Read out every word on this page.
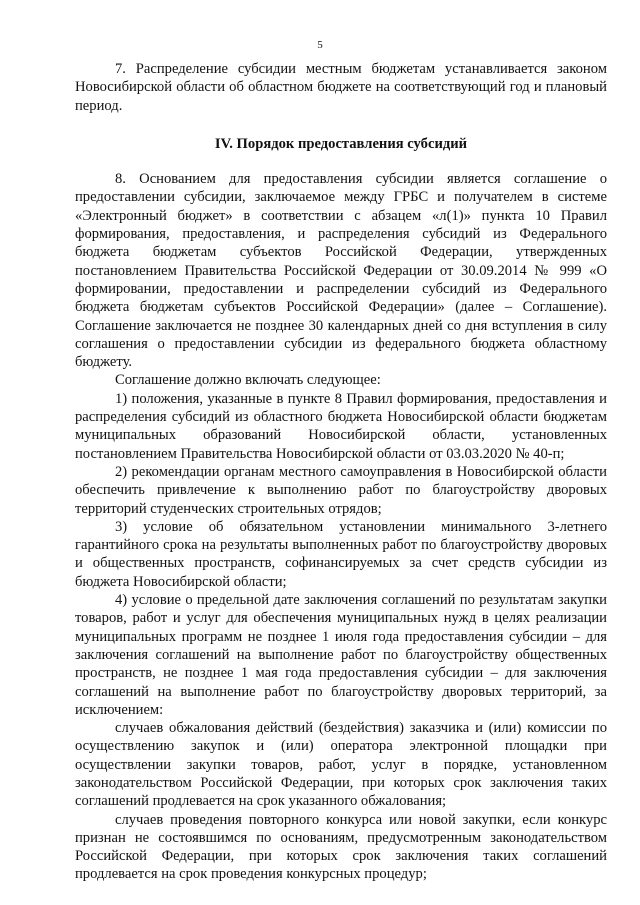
5

7. Распределение субсидии местным бюджетам устанавливается законом Новосибирской области об областном бюджете на соответствующий год и плановый период.

IV. Порядок предоставления субсидий

8. Основанием для предоставления субсидии является соглашение о предоставлении субсидии, заключаемое между ГРБС и получателем в системе «Электронный бюджет» в соответствии с абзацем «л(1)» пункта 10 Правил формирования, предоставления, и распределения субсидий из Федерального бюджета бюджетам субъектов Российской Федерации, утвержденных постановлением Правительства Российской Федерации от 30.09.2014 № 999 «О формировании, предоставлении и распределении субсидий из Федерального бюджета бюджетам субъектов Российской Федерации» (далее – Соглашение). Соглашение заключается не позднее 30 календарных дней со дня вступления в силу соглашения о предоставлении субсидии из федерального бюджета областному бюджету.

Соглашение должно включать следующее:

1) положения, указанные в пункте 8 Правил формирования, предоставления и распределения субсидий из областного бюджета Новосибирской области бюджетам муниципальных образований Новосибирской области, установленных постановлением Правительства Новосибирской области от 03.03.2020 № 40-п;

2) рекомендации органам местного самоуправления в Новосибирской области обеспечить привлечение к выполнению работ по благоустройству дворовых территорий студенческих строительных отрядов;

3) условие об обязательном установлении минимального 3-летнего гарантийного срока на результаты выполненных работ по благоустройству дворовых и общественных пространств, софинансируемых за счет средств субсидии из бюджета Новосибирской области;

4) условие о предельной дате заключения соглашений по результатам закупки товаров, работ и услуг для обеспечения муниципальных нужд в целях реализации муниципальных программ не позднее 1 июля года предоставления субсидии – для заключения соглашений на выполнение работ по благоустройству общественных пространств, не позднее 1 мая года предоставления субсидии – для заключения соглашений на выполнение работ по благоустройству дворовых территорий, за исключением:

случаев обжалования действий (бездействия) заказчика и (или) комиссии по осуществлению закупок и (или) оператора электронной площадки при осуществлении закупки товаров, работ, услуг в порядке, установленном законодательством Российской Федерации, при которых срок заключения таких соглашений продлевается на срок указанного обжалования;

случаев проведения повторного конкурса или новой закупки, если конкурс признан не состоявшимся по основаниям, предусмотренным законодательством Российской Федерации, при которых срок заключения таких соглашений продлевается на срок проведения конкурсных процедур;
